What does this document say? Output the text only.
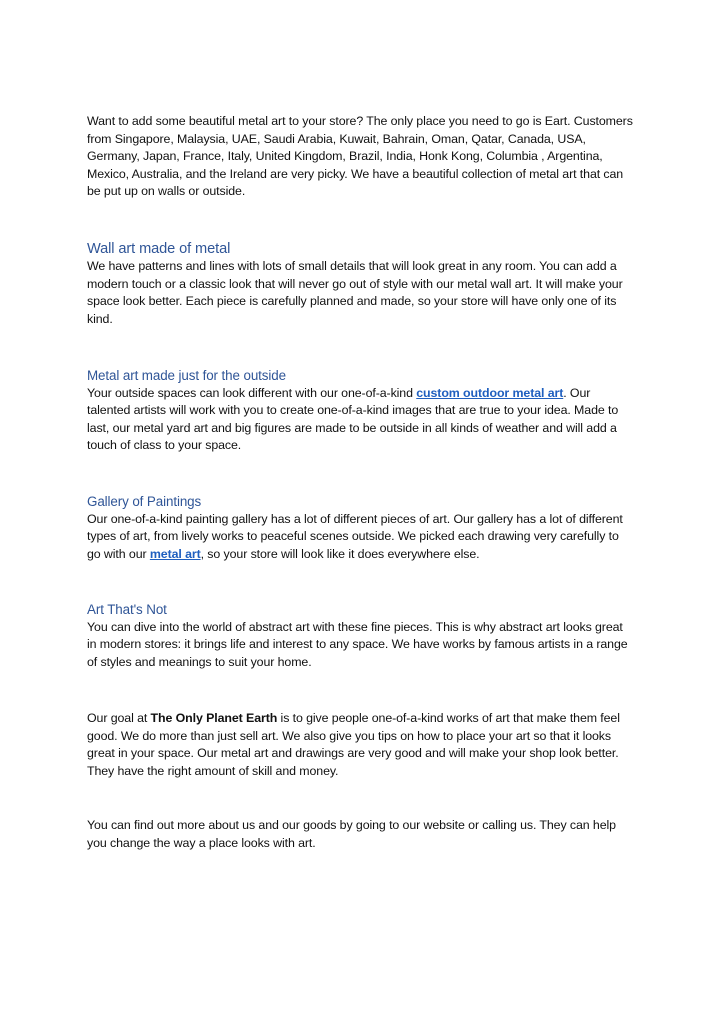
Want to add some beautiful metal art to your store? The only place you need to go is Eart. Customers from Singapore, Malaysia, UAE, Saudi Arabia, Kuwait, Bahrain, Oman, Qatar, Canada, USA, Germany, Japan, France, Italy, United Kingdom, Brazil, India, Honk Kong, Columbia , Argentina, Mexico, Australia, and the Ireland are very picky. We have a beautiful collection of metal art that can be put up on walls or outside.

Wall art made of metal

We have patterns and lines with lots of small details that will look great in any room. You can add a modern touch or a classic look that will never go out of style with our metal wall art. It will make your space look better. Each piece is carefully planned and made, so your store will have only one of its kind.

Metal art made just for the outside

Your outside spaces can look different with our one-of-a-kind custom outdoor metal art. Our talented artists will work with you to create one-of-a-kind images that are true to your idea. Made to last, our metal yard art and big figures are made to be outside in all kinds of weather and will add a touch of class to your space.

Gallery of Paintings

Our one-of-a-kind painting gallery has a lot of different pieces of art. Our gallery has a lot of different types of art, from lively works to peaceful scenes outside. We picked each drawing very carefully to go with our metal art, so your store will look like it does everywhere else.

Art That's Not

You can dive into the world of abstract art with these fine pieces. This is why abstract art looks great in modern stores: it brings life and interest to any space. We have works by famous artists in a range of styles and meanings to suit your home.

Our goal at The Only Planet Earth is to give people one-of-a-kind works of art that make them feel good. We do more than just sell art. We also give you tips on how to place your art so that it looks great in your space. Our metal art and drawings are very good and will make your shop look better. They have the right amount of skill and money.

You can find out more about us and our goods by going to our website or calling us. They can help you change the way a place looks with art.
